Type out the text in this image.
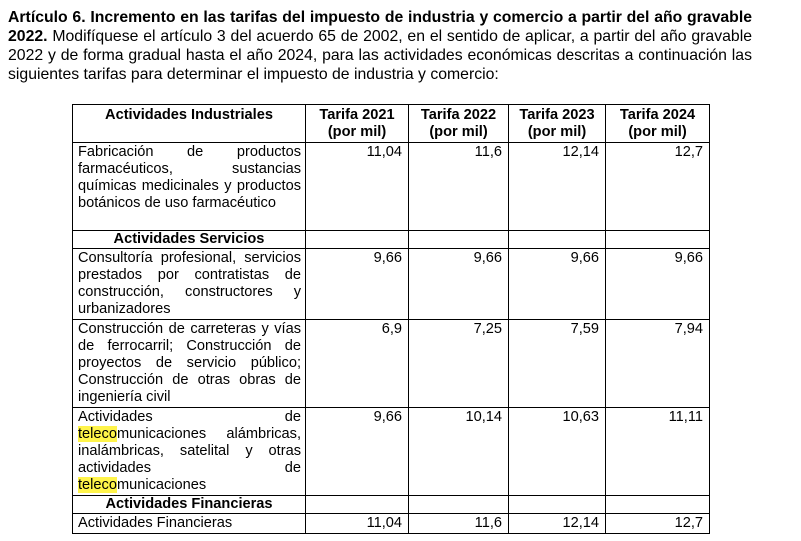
Artículo 6. Incremento en las tarifas del impuesto de industria y comercio a partir del año gravable 2022. Modifíquese el artículo 3 del acuerdo 65 de 2002, en el sentido de aplicar, a partir del año gravable 2022 y de forma gradual hasta el año 2024, para las actividades económicas descritas a continuación las siguientes tarifas para determinar el impuesto de industria y comercio:

Actividades Industriales	Tarifa 2021 (por mil)	Tarifa 2022 (por mil)	Tarifa 2023 (por mil)	Tarifa 2024 (por mil)
Fabricación de productos farmacéuticos, sustancias químicas medicinales y productos botánicos de uso farmacéutico	11,04	11,6	12,14	12,7
Actividades Servicios				
Consultoría profesional, servicios prestados por contratistas de construcción, constructores y urbanizadores	9,66	9,66	9,66	9,66
Construcción de carreteras y vías de ferrocarril; Construcción de proyectos de servicio público; Construcción de otras obras de ingeniería civil	6,9	7,25	7,59	7,94
Actividades de telecomunicaciones alámbricas, inalámbricas, satelital y otras actividades de telecomunicaciones	9,66	10,14	10,63	11,11
Actividades Financieras				
Actividades Financieras	11,04	11,6	12,14	12,7
